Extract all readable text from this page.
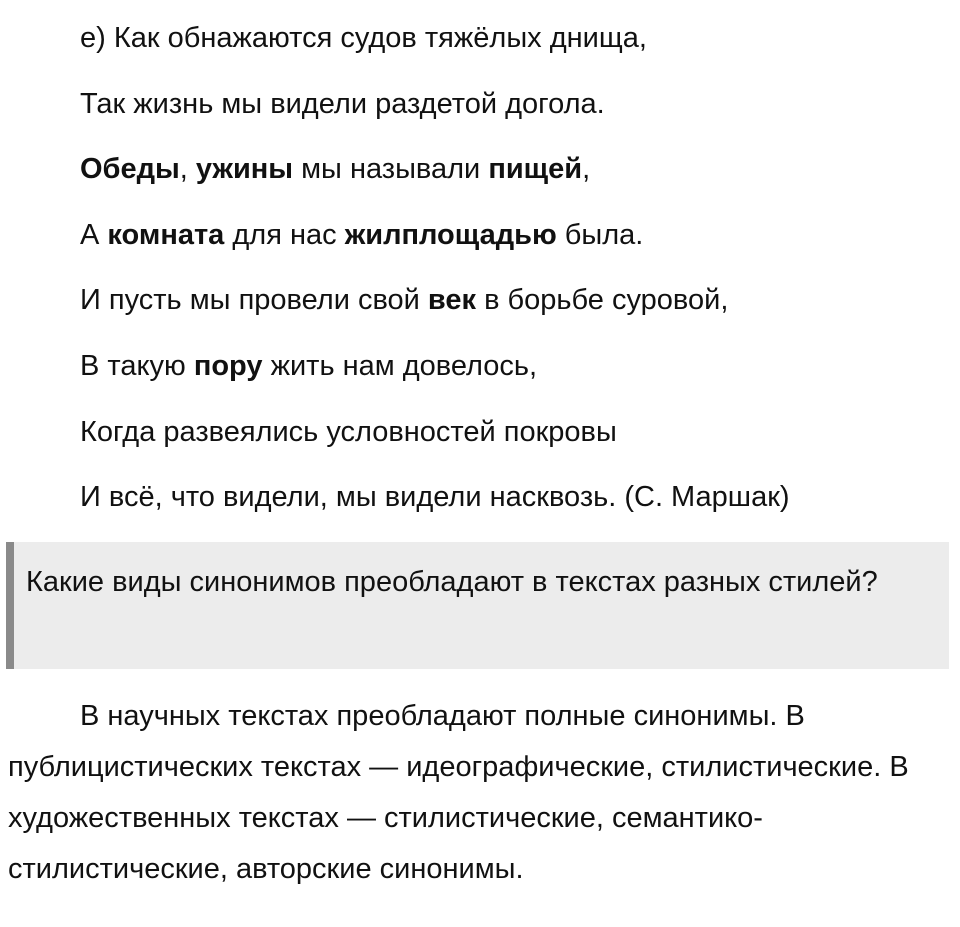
е) Как обнажаются судов тяжёлых днища,
Так жизнь мы видели раздетой догола.
Обеды, ужины мы называли пищей,
А комната для нас жилплощадью была.
И пусть мы провели свой век в борьбе суровой,
В такую пору жить нам довелось,
Когда развеялись условностей покровы
И всё, что видели, мы видели насквозь. (С. Маршак)
Какие виды синонимов преобладают в текстах разных стилей?
В научных текстах преобладают полные синонимы. В публицистических текстах — идеографические, стилистические. В художественных текстах — стилистические, семантико-стилистические, авторские синонимы.
